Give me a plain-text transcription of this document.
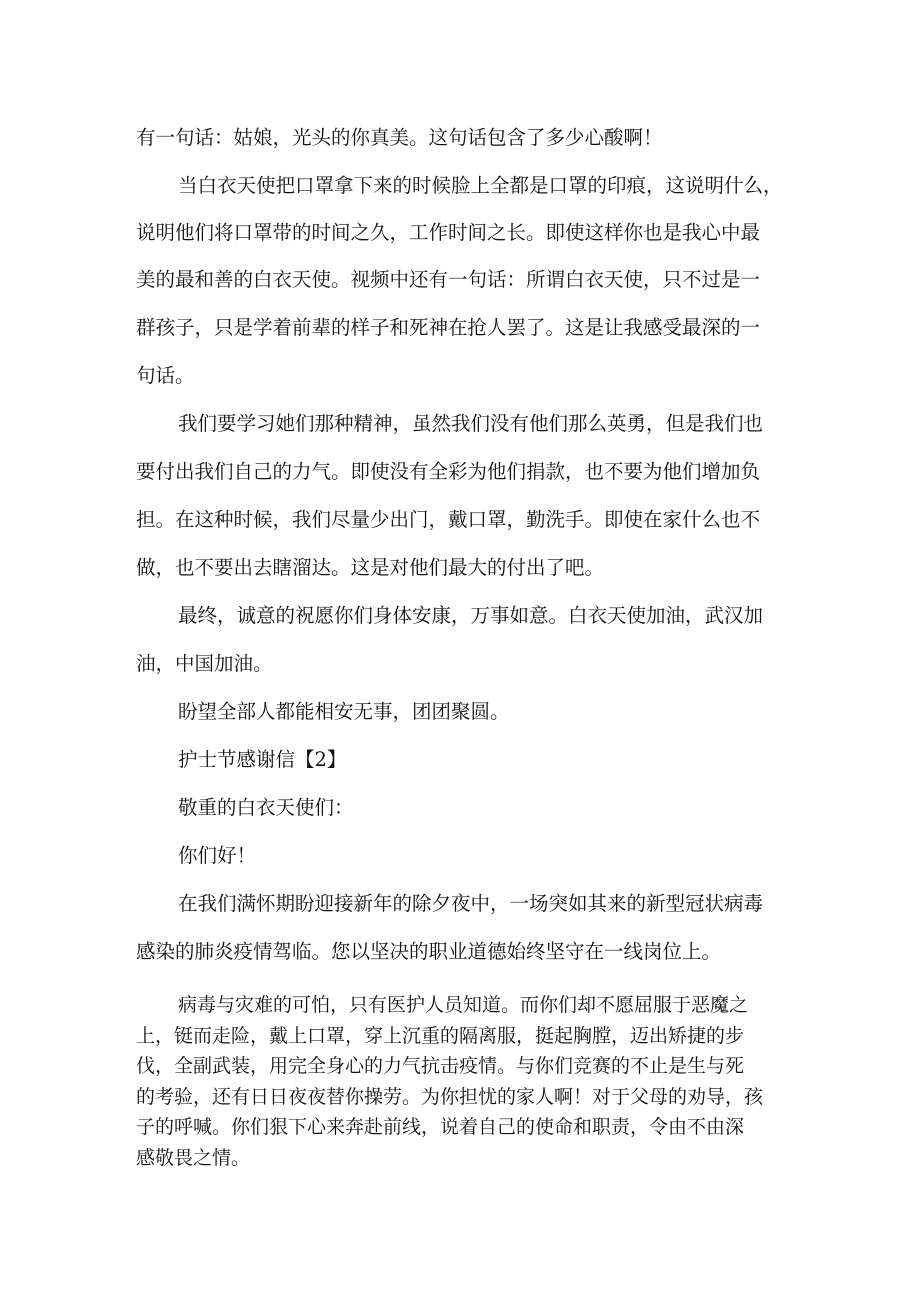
有一句话：姑娘，光头的你真美。这句话包含了多少心酸啊！
当白衣天使把口罩拿下来的时候脸上全都是口罩的印痕，这说明什么，
说明他们将口罩带的时间之久，工作时间之长。即使这样你也是我心中最
美的最和善的白衣天使。视频中还有一句话：所谓白衣天使，只不过是一
群孩子，只是学着前辈的样子和死神在抢人罢了。这是让我感受最深的一
句话。
我们要学习她们那种精神，虽然我们没有他们那么英勇，但是我们也
要付出我们自己的力气。即使没有全彩为他们捐款，也不要为他们增加负
担。在这种时候，我们尽量少出门，戴口罩，勤洗手。即使在家什么也不
做，也不要出去瞎溜达。这是对他们最大的付出了吧。
最终，诚意的祝愿你们身体安康，万事如意。白衣天使加油，武汉加
油，中国加油。
盼望全部人都能相安无事，团团聚圆。
护士节感谢信【2】
敬重的白衣天使们：
你们好！
在我们满怀期盼迎接新年的除夕夜中，一场突如其来的新型冠状病毒
感染的肺炎疫情驾临。您以坚决的职业道德始终坚守在一线岗位上。
病毒与灾难的可怕，只有医护人员知道。而你们却不愿屈服于恶魔之
上，铤而走险，戴上口罩，穿上沉重的隔离服，挺起胸膛，迈出矫捷的步
伐，全副武装，用完全身心的力气抗击疫情。与你们竞赛的不止是生与死
的考验，还有日日夜夜替你操劳。为你担忧的家人啊！对于父母的劝导，孩
子的呼喊。你们狠下心来奔赴前线，说着自己的使命和职责，令由不由深
感敬畏之情。
